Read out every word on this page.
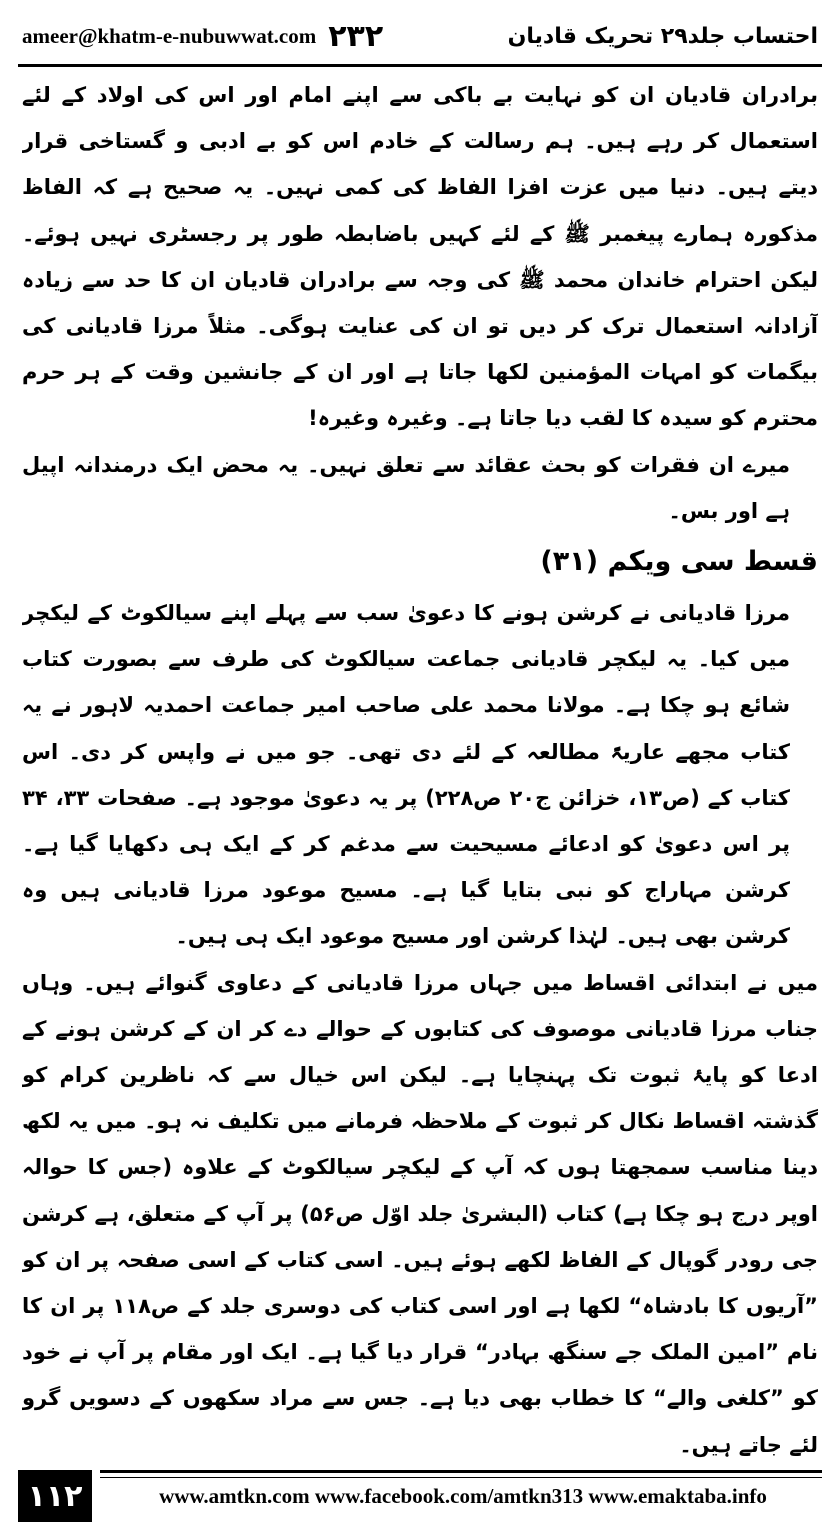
ameer@khatm-e-nubuwwat.com ۲۳۲	احتساب جلد۲۹ تحریک قادیان

برادران قادیان ان کو نہایت بے باکی سے اپنے امام اور اس کی اولاد کے لئے استعمال کر رہے ہیں۔ ہم رسالت کے خادم اس کو بے ادبی و گستاخی قرار دیتے ہیں۔ دنیا میں عزت افزا الفاظ کی کمی نہیں۔ یہ صحیح ہے کہ الفاظ مذکورہ ہمارے پیغمبر ﷺ کے لئے کہیں باضابطہ طور پر رجسٹری نہیں ہوئے۔ لیکن احترام خاندان محمد ﷺ کی وجہ سے برادران قادیان ان کا حد سے زیادہ آزادانہ استعمال ترک کر دیں تو ان کی عنایت ہوگی۔ مثلاً مرزا قادیانی کی بیگمات کو امہات المؤمنین لکھا جاتا ہے اور ان کے جانشین وقت کے ہر حرم محترم کو سیدہ کا لقب دیا جاتا ہے۔ وغیرہ وغیرہ!

میرے ان فقرات کو بحث عقائد سے تعلق نہیں۔ یہ محض ایک درمندانہ اپیل ہے اور بس۔

قسط سی ویکم (۳۱)

مرزا قادیانی نے کرشن ہونے کا دعویٰ سب سے پہلے اپنے سیالکوٹ کے لیکچر میں کیا۔ یہ لیکچر قادیانی جماعت سیالکوٹ کی طرف سے بصورت کتاب شائع ہو چکا ہے۔ مولانا محمد علی صاحب امیر جماعت احمدیہ لاہور نے یہ کتاب مجھے عاریۃً مطالعہ کے لئے دی تھی۔ جو میں نے واپس کر دی۔ اس کتاب کے (ص۱۳، خزائن ج۲۰ ص۲۲۸) پر یہ دعویٰ موجود ہے۔ صفحات ۳۳، ۳۴ پر اس دعویٰ کو ادعائے مسیحیت سے مدغم کر کے ایک ہی دکھایا گیا ہے۔ کرشن مہاراج کو نبی بتایا گیا ہے۔ مسیح موعود مرزا قادیانی ہیں وہ کرشن بھی ہیں۔ لہٰذا کرشن اور مسیح موعود ایک ہی ہیں۔

میں نے ابتدائی اقساط میں جہاں مرزا قادیانی کے دعاوی گنوائے ہیں۔ وہاں جناب مرزا قادیانی موصوف کی کتابوں کے حوالے دے کر ان کے کرشن ہونے کے ادعا کو پایۂ ثبوت تک پہنچایا ہے۔ لیکن اس خیال سے کہ ناظرین کرام کو گذشتہ اقساط نکال کر ثبوت کے ملاحظہ فرمانے میں تکلیف نہ ہو۔ میں یہ لکھ دینا مناسب سمجھتا ہوں کہ آپ کے لیکچر سیالکوٹ کے علاوہ (جس کا حوالہ اوپر درج ہو چکا ہے) کتاب (البشریٰ جلد اوّل ص۵۶) پر آپ کے متعلق، ہے کرشن جی رودر گوپال کے الفاظ لکھے ہوئے ہیں۔ اسی کتاب کے اسی صفحہ پر ان کو ”آریوں کا بادشاہ“ لکھا ہے اور اسی کتاب کی دوسری جلد کے ص۱۱۸ پر ان کا نام ”امین الملک جے سنگھ بہادر“ قرار دیا گیا ہے۔ ایک اور مقام پر آپ نے خود کو ”کلغی والے“ کا خطاب بھی دیا ہے۔ جس سے مراد سکھوں کے دسویں گرو لئے جاتے ہیں۔

۱۱۲	www.amtkn.com www.facebook.com/amtkn313 www.emaktaba.info
